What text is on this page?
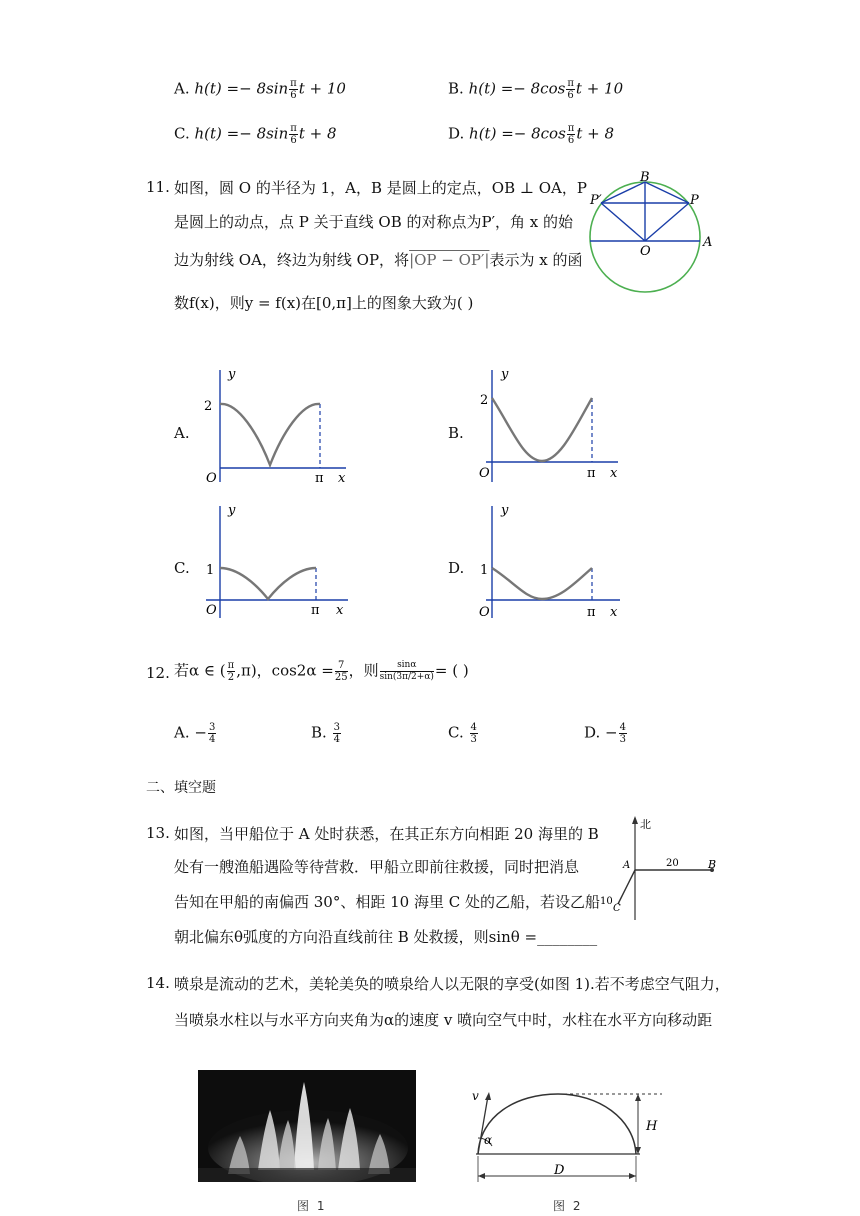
A. $h(t) =- 8\sin \frac{\pi}{6}$ t + 10	B. $h(t) =- 8\cos \frac{\pi}{6}$ t + 10
C. $h(t) =- 8\sin \frac{\pi}{6}$ t + 8	D. $h(t) =- 8\cos \frac{\pi}{6}$ t + 8
11. 如图，圆 O 的半径为 1，A，B 是圆上的定点，OB ⊥ OA，P
是圆上的动点，点 P 关于直线 OB 的对称点为P′，角 x 的始
边为射线 OA，终边为射线 OP，将|OP − OP′|表示为 x 的函
数f(x)，则y = f(x)在[0,π]上的图象大致为( )
B
P
P′
O
A
A.
y
2
O	π x
B.
y
2
O	π x
C.
y
1
O	π x
D.
y
1
O	π x
12. 若α ∈ ( $\frac{\pi}{2} ,\pi$)，$\cos 2\alpha = \frac{7}{25}$ ，则 $\frac{\sin\alpha}{\sin(3\pi/2+\alpha)}$ = ( )
A. − $\frac{3}{4}$	B. $\frac{3}{4}$	C. $\frac{4}{3}$	D. − $\frac{4}{3}$
二、填空题
13. 如图，当甲船位于 A 处时获悉，在其正东方向相距 20 海里的 B
处有一艘渔船遇险等待营救．甲船立即前往救援，同时把消息
告知在甲船的南偏西 30°、相距 10 海里 C 处的乙船，若设乙船
朝北偏东θ弧度的方向沿直线前往 B 处救援，则sinθ =________
北
A	B
20
10
C
14. 喷泉是流动的艺术，美轮美奂的喷泉给人以无限的享受(如图 1).若不考虑空气阻力，
当喷泉水柱以与水平方向夹角为α的速度 v 喷向空气中时，水柱在水平方向移动距
图 1
v
α
H
D
图 2
